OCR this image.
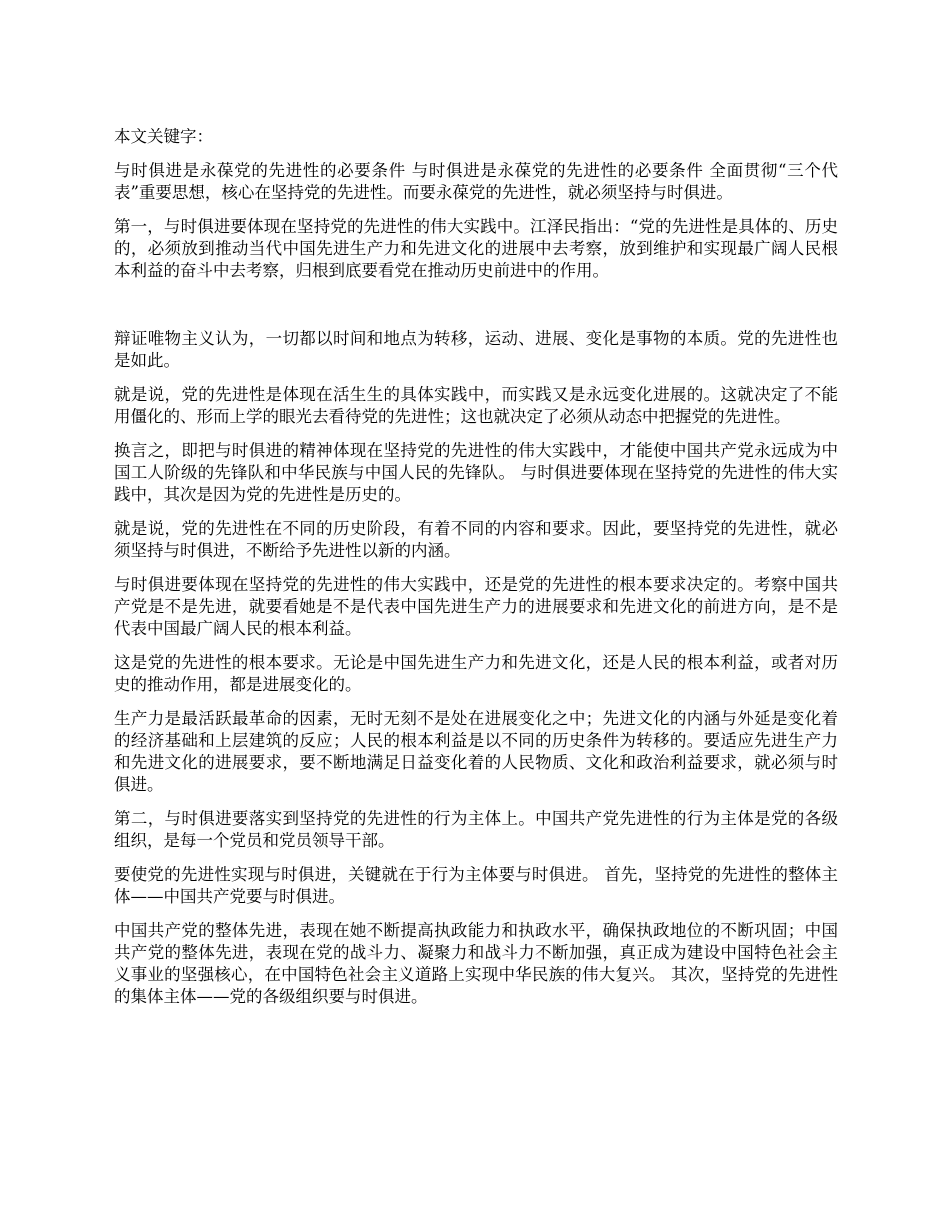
本文关键字：

与时俱进是永葆党的先进性的必要条件 与时俱进是永葆党的先进性的必要条件 全面贯彻“三个代表”重要思想，核心在坚持党的先进性。而要永葆党的先进性，就必须坚持与时俱进。

第一，与时俱进要体现在坚持党的先进性的伟大实践中。江泽民指出：“党的先进性是具体的、历史的，必须放到推动当代中国先进生产力和先进文化的进展中去考察，放到维护和实现最广阔人民根本利益的奋斗中去考察，归根到底要看党在推动历史前进中的作用。

辩证唯物主义认为，一切都以时间和地点为转移，运动、进展、变化是事物的本质。党的先进性也是如此。

就是说，党的先进性是体现在活生生的具体实践中，而实践又是永远变化进展的。这就决定了不能用僵化的、形而上学的眼光去看待党的先进性；这也就决定了必须从动态中把握党的先进性。

换言之，即把与时俱进的精神体现在坚持党的先进性的伟大实践中，才能使中国共产党永远成为中国工人阶级的先锋队和中华民族与中国人民的先锋队。 与时俱进要体现在坚持党的先进性的伟大实践中，其次是因为党的先进性是历史的。

就是说，党的先进性在不同的历史阶段，有着不同的内容和要求。因此，要坚持党的先进性，就必须坚持与时俱进，不断给予先进性以新的内涵。

与时俱进要体现在坚持党的先进性的伟大实践中，还是党的先进性的根本要求决定的。考察中国共产党是不是先进，就要看她是不是代表中国先进生产力的进展要求和先进文化的前进方向，是不是代表中国最广阔人民的根本利益。

这是党的先进性的根本要求。无论是中国先进生产力和先进文化，还是人民的根本利益，或者对历史的推动作用，都是进展变化的。

生产力是最活跃最革命的因素，无时无刻不是处在进展变化之中；先进文化的内涵与外延是变化着的经济基础和上层建筑的反应；人民的根本利益是以不同的历史条件为转移的。要适应先进生产力和先进文化的进展要求，要不断地满足日益变化着的人民物质、文化和政治利益要求，就必须与时俱进。

第二，与时俱进要落实到坚持党的先进性的行为主体上。中国共产党先进性的行为主体是党的各级组织，是每一个党员和党员领导干部。

要使党的先进性实现与时俱进，关键就在于行为主体要与时俱进。 首先，坚持党的先进性的整体主体——中国共产党要与时俱进。

中国共产党的整体先进，表现在她不断提高执政能力和执政水平，确保执政地位的不断巩固；中国共产党的整体先进，表现在党的战斗力、凝聚力和战斗力不断加强，真正成为建设中国特色社会主义事业的坚强核心，在中国特色社会主义道路上实现中华民族的伟大复兴。 其次，坚持党的先进性的集体主体——党的各级组织要与时俱进。
